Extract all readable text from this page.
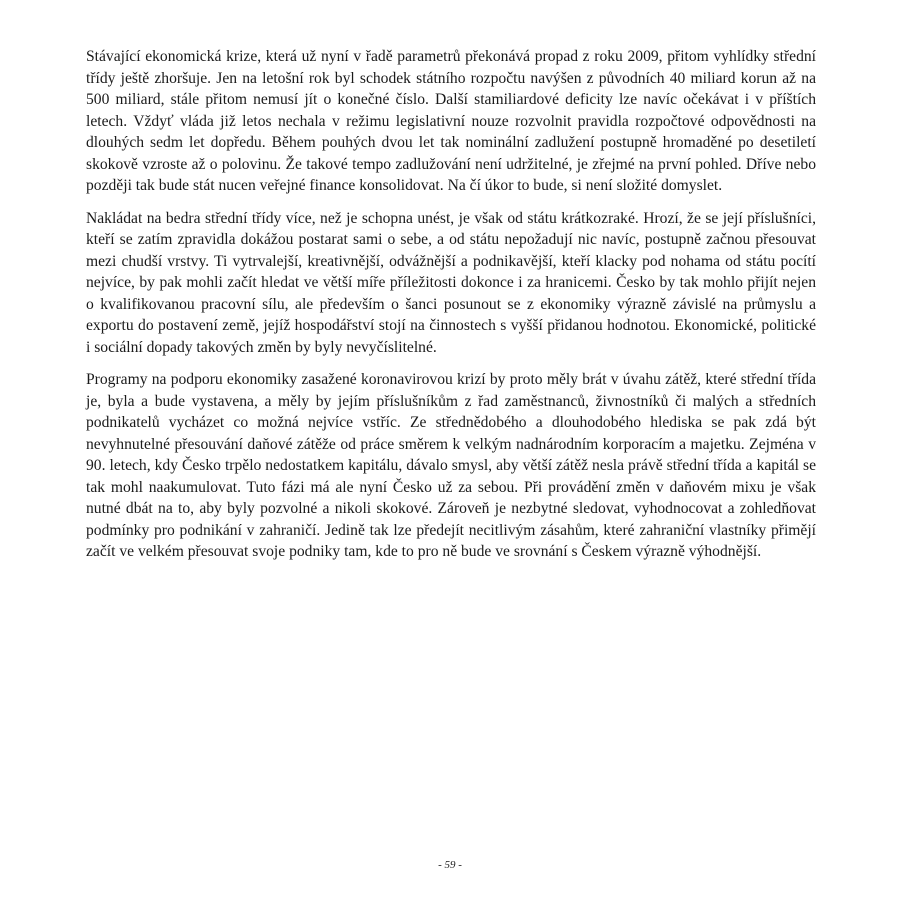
Stávající ekonomická krize, která už nyní v řadě parametrů překonává propad z roku 2009, přitom vyhlídky střední třídy ještě zhoršuje. Jen na letošní rok byl schodek státního rozpočtu navýšen z původních 40 miliard korun až na 500 miliard, stále přitom nemusí jít o konečné číslo. Další stamiliardové deficity lze navíc očekávat i v příštích letech. Vždyť vláda již letos nechala v režimu legislativní nouze rozvolnit pravidla rozpočtové odpovědnosti na dlouhých sedm let dopředu. Během pouhých dvou let tak nominální zadlužení postupně hromaděné po desetiletí skokově vzroste až o polovinu. Že takové tempo zadlužování není udržitelné, je zřejmé na první pohled. Dříve nebo později tak bude stát nucen veřejné finance konsolidovat. Na čí úkor to bude, si není složité domyslet.

Nakládat na bedra střední třídy více, než je schopna unést, je však od státu krátkozraké. Hrozí, že se její příslušníci, kteří se zatím zpravidla dokážou postarat sami o sebe, a od státu nepožadují nic navíc, postupně začnou přesouvat mezi chudší vrstvy. Ti vytrvalejší, kreativnější, odvážnější a podnikavější, kteří klacky pod nohama od státu pocítí nejvíce, by pak mohli začít hledat ve větší míře příležitosti dokonce i za hranicemi. Česko by tak mohlo přijít nejen o kvalifikovanou pracovní sílu, ale především o šanci posunout se z ekonomiky výrazně závislé na průmyslu a exportu do postavení země, jejíž hospodářství stojí na činnostech s vyšší přidanou hodnotou. Ekonomické, politické i sociální dopady takových změn by byly nevyčíslitelné.

Programy na podporu ekonomiky zasažené koronavirovou krizí by proto měly brát v úvahu zátěž, které střední třída je, byla a bude vystavena, a měly by jejím příslušníkům z řad zaměstnanců, živnostníků či malých a středních podnikatelů vycházet co možná nejvíce vstříc. Ze střednědobého a dlouhodobého hlediska se pak zdá být nevyhnutelné přesouvání daňové zátěže od práce směrem k velkým nadnárodním korporacím a majetku. Zejména v 90. letech, kdy Česko trpělo nedostatkem kapitálu, dávalo smysl, aby větší zátěž nesla právě střední třída a kapitál se tak mohl naakumulovat. Tuto fázi má ale nyní Česko už za sebou. Při provádění změn v daňovém mixu je však nutné dbát na to, aby byly pozvolné a nikoli skokové. Zároveň je nezbytné sledovat, vyhodnocovat a zohledňovat podmínky pro podnikání v zahraničí. Jedině tak lze předejít necitlivým zásahům, které zahraniční vlastníky přimějí začít ve velkém přesouvat svoje podniky tam, kde to pro ně bude ve srovnání s Českem výrazně výhodnější.

- 59 -
